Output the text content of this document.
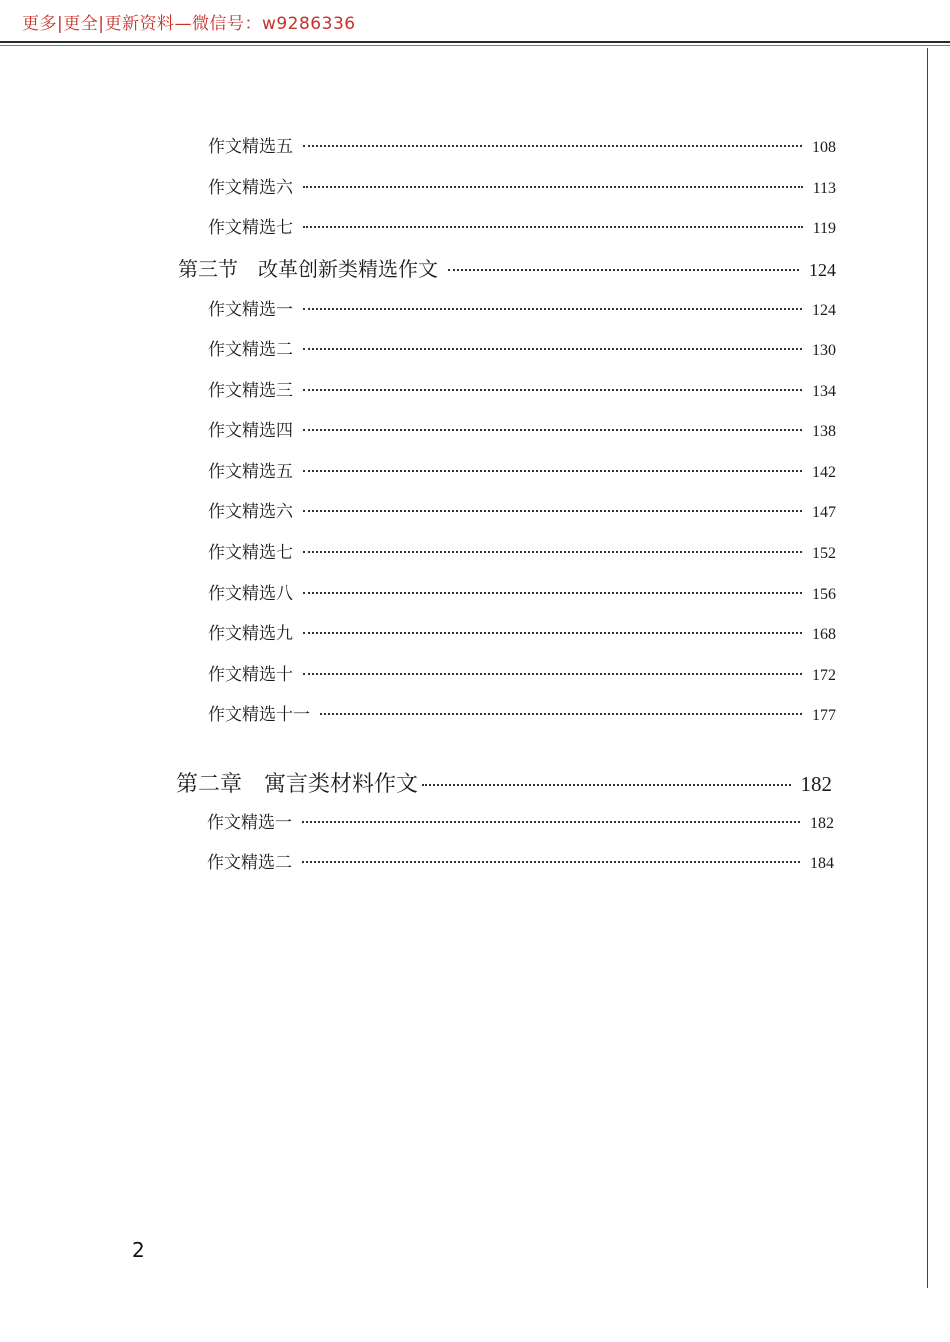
更多|更全|更新资料—微信号：w9286336
作文精选五	108
作文精选六	113
作文精选七	119
第三节 改革创新类精选作文	124
作文精选一	124
作文精选二	130
作文精选三	134
作文精选四	138
作文精选五	142
作文精选六	147
作文精选七	152
作文精选八	156
作文精选九	168
作文精选十	172
作文精选十一	177
第二章 寓言类材料作文	182
作文精选一	182
作文精选二	184
2
